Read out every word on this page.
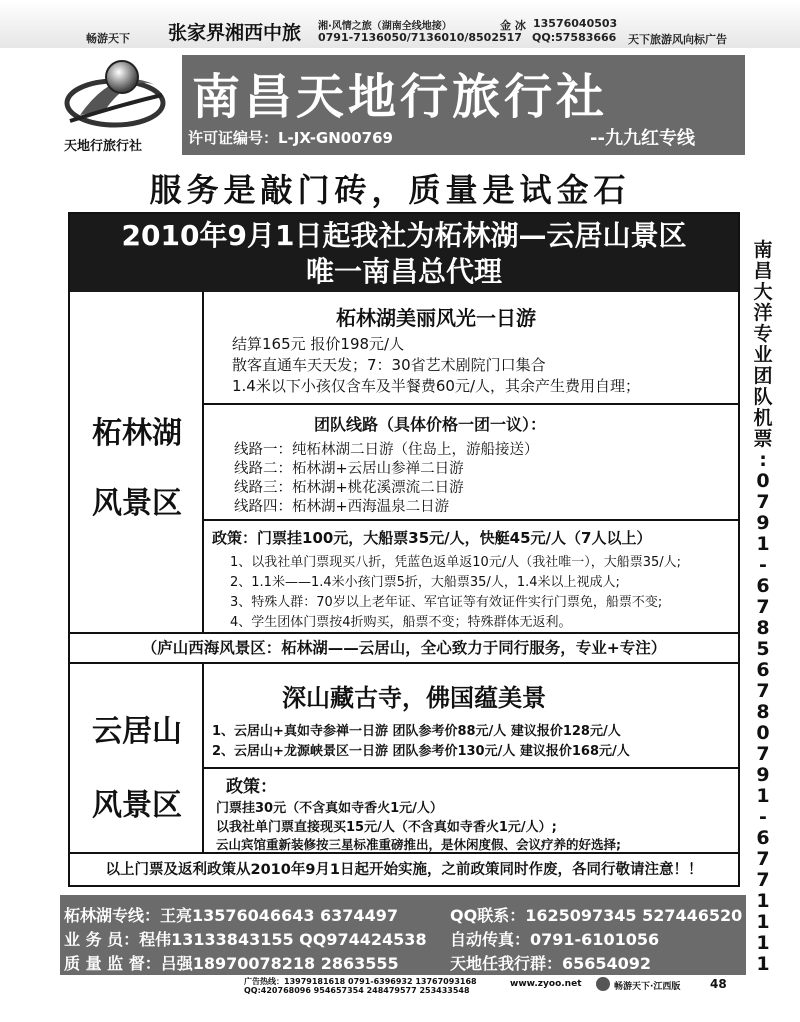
畅游天下 张家界湘西中旅 湘·风情之旅（湖南全线地接）
0791-7136050/7136010/8502517
金 冰 13576040503
QQ:57583666 天下旅游风向标广告
天地行旅行社
南昌天地行旅行社
许可证编号：L-JX-GN00769	--九九红专线
服务是敲门砖，质量是试金石
2010年9月1日起我社为柘林湖—云居山景区
唯一南昌总代理
柘林湖
风景区
柘林湖美丽风光一日游
结算165元 报价198元/人
散客直通车天天发；7：30省艺术剧院门口集合
1.4米以下小孩仅含车及半餐费60元/人，其余产生费用自理；
团队线路（具体价格一团一议）：
线路一：纯柘林湖二日游（住岛上，游船接送）
线路二：柘林湖+云居山参禅二日游
线路三：柘林湖+桃花溪漂流二日游
线路四：柘林湖+西海温泉二日游
政策：门票挂100元，大船票35元/人，快艇45元/人（7人以上）
1、以我社单门票现买八折，凭蓝色返单返10元/人（我社唯一），大船票35/人;
2、1.1米——1.4米小孩门票5折，大船票35/人，1.4米以上视成人;
3、特殊人群：70岁以上老年证、军官证等有效证件实行门票免，船票不变;
4、学生团体门票按4折购买，船票不变；特殊群体无返利。
（庐山西海风景区：柘林湖——云居山，全心致力于同行服务，专业+专注）
云居山
风景区
深山藏古寺，佛国蕴美景
1、云居山+真如寺参禅一日游 团队参考价88元/人 建议报价128元/人
2、云居山+龙源峡景区一日游 团队参考价130元/人 建议报价168元/人
政策：
门票挂30元（不含真如寺香火1元/人）
以我社单门票直接现买15元/人（不含真如寺香火1元/人）;
云山宾馆重新装修按三星标准重磅推出，是休闲度假、会议疗养的好选择;
以上门票及返利政策从2010年9月1日起开始实施，之前政策同时作废，各同行敬请注意！！
南
昌
大
洋
专
业
团
队
机
票
:
0
7
9
1
-
6
7
8
5
6
7
8
0
7
9
1
-
6
7
7
1
1
1
1
柘林湖专线：王亮13576046643 6374497	QQ联系：1625097345 527446520
业 务 员：程伟13133843155 QQ974424538 自动传真：0791-6101056
质 量 监 督：吕强18970078218 2863555	天地任我行群：65654092
广告热线：13979181618 0791-6396932 13767093168
QQ:420768096 954657354 248479577 253433548
www.zyoo.net	畅游天下·江西版 48
